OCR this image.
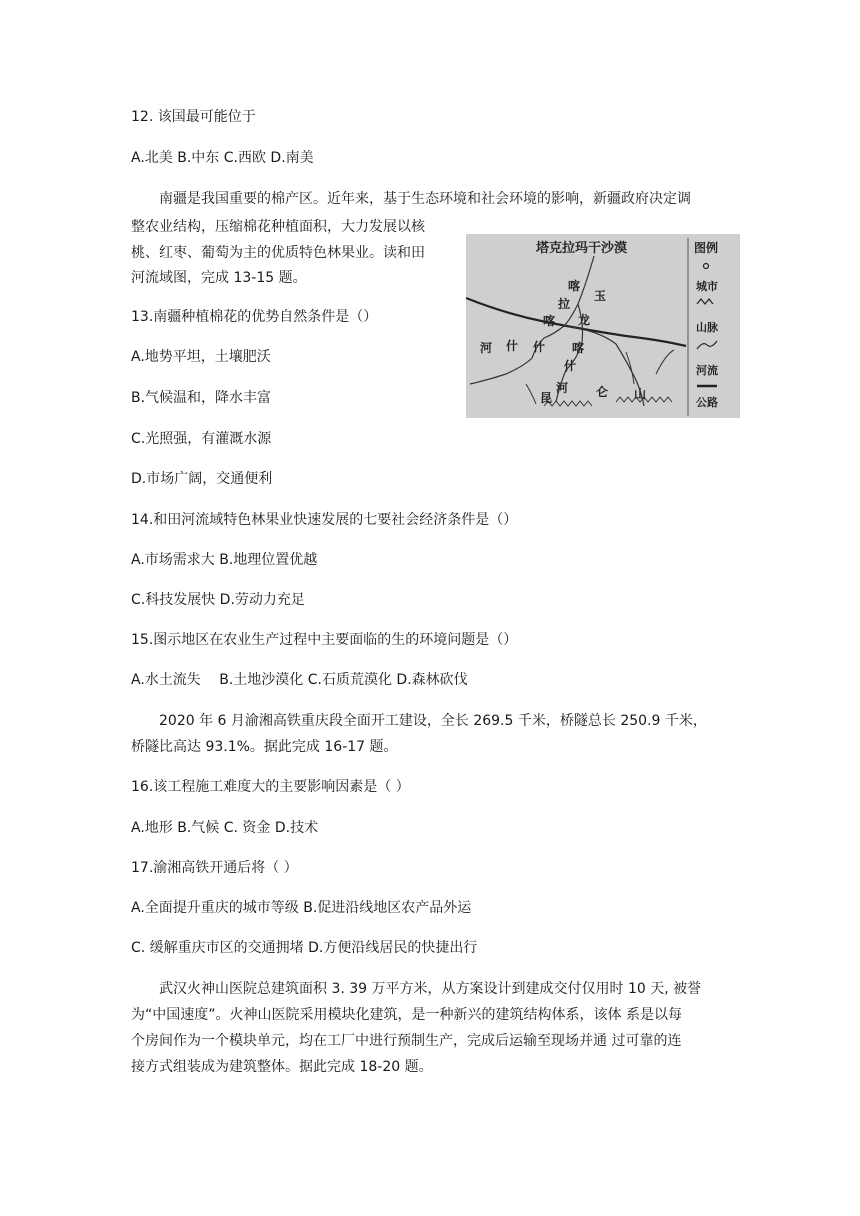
12. 该国最可能位于
A.北美 B.中东 C.西欧 D.南美
南疆是我国重要的棉产区。近年来，基于生态环境和社会环境的影响，新疆政府决定调
整农业结构，压缩棉花种植面积，大力发展以核
桃、红枣、葡萄为主的优质特色林果业。读和田
河流域图，完成 13-15 题。
塔克拉玛干沙漠	图例
城市
山脉
河流
公路
喀
拉
喀
什
河
玉
龙
喀
什
河 什
昆	仑 山
13.南疆种植棉花的优势自然条件是（）
A.地势平坦，土壤肥沃
B.气候温和，降水丰富
C.光照强，有灌溉水源
D.市场广阔，交通便利
14.和田河流域特色林果业快速发展的七要社会经济条件是（）
A.市场需求大 B.地理位置优越
C.科技发展快 D.劳动力充足
15.图示地区在农业生产过程中主要面临的生的环境问题是（）
A.水土流失　 B.土地沙漠化 C.石质荒漠化 D.森林砍伐
2020 年 6 月渝湘高铁重庆段全面开工建设，全长 269.5 千米，桥隧总长 250.9 千米，
桥隧比高达 93.1%。据此完成 16-17 题。
16.该工程施工难度大的主要影响因素是（ ）
A.地形 B.气候 C. 资金 D.技术
17.渝湘高铁开通后将（ ）
A.全面提升重庆的城市等级 B.促进沿线地区农产品外运
C. 缓解重庆市区的交通拥堵 D.方便沿线居民的快捷出行
武汉火神山医院总建筑面积 3. 39 万平方米，从方案设计到建成交付仅用时 10 天, 被誉
为“中国速度”。火神山医院采用模块化建筑，是一种新兴的建筑结构体系，该体 系是以每
个房间作为一个模块单元，均在工厂中进行预制生产，完成后运输至现场并通 过可靠的连
接方式组装成为建筑整体。据此完成 18-20 题。
